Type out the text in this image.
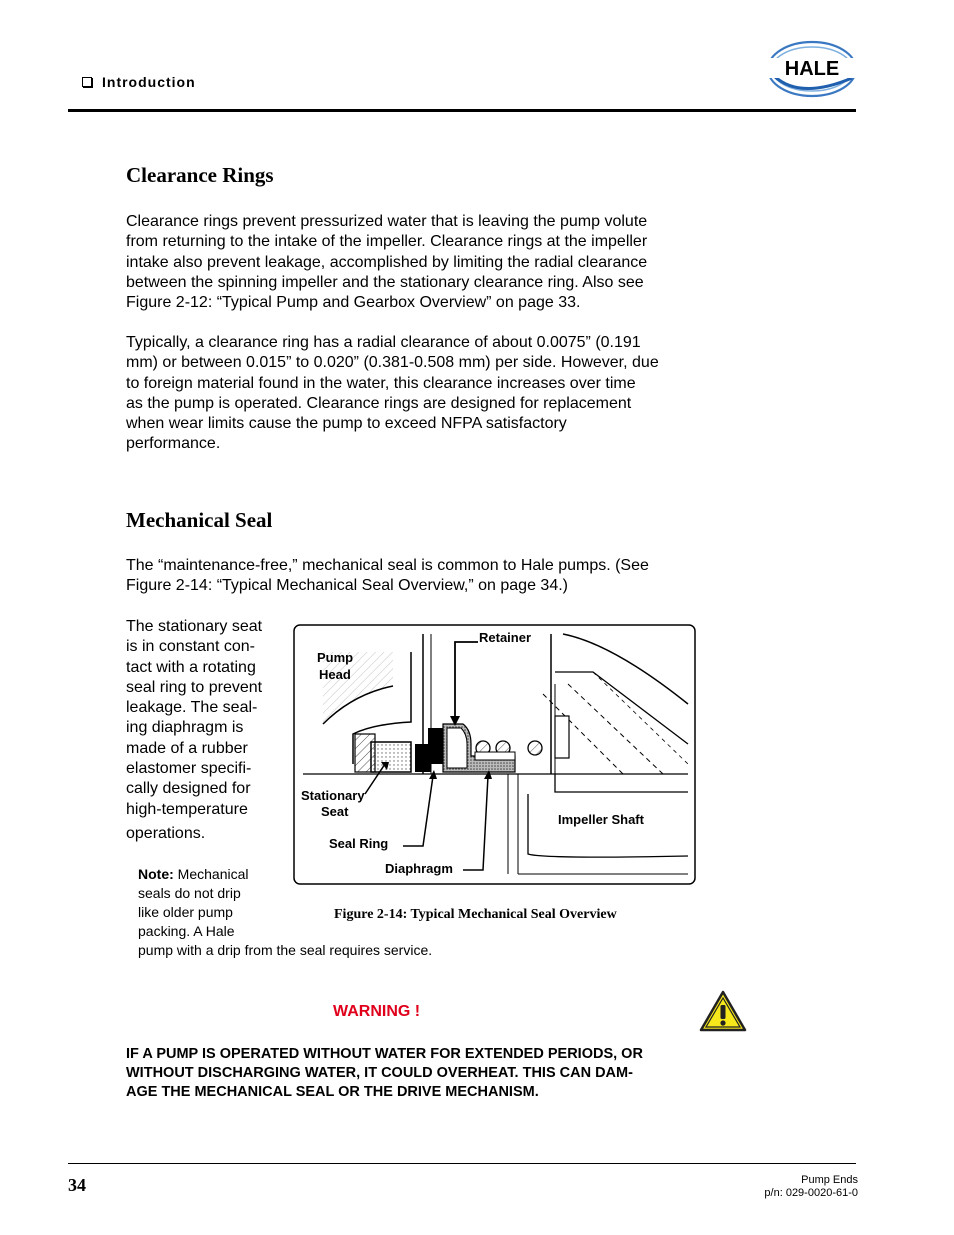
Introduction
HALE
Clearance Rings

Clearance rings prevent pressurized water that is leaving the pump volute

from returning to the intake of the impeller. Clearance rings at the impeller

intake also prevent leakage, accomplished by limiting the radial clearance

between the spinning impeller and the stationary clearance ring. Also see

Figure 2-12: “Typical Pump and Gearbox Overview” on page 33.

Typically, a clearance ring has a radial clearance of about 0.0075” (0.191

mm) or between 0.015” to 0.020” (0.381-0.508 mm) per side. However, due

to foreign material found in the water, this clearance increases over time

as the pump is operated. Clearance rings are designed for replacement

when wear limits cause the pump to exceed NFPA satisfactory

performance.

Mechanical Seal

The “maintenance-free,” mechanical seal is common to Hale pumps. (See

Figure 2-14: “Typical Mechanical Seal Overview,” on page 34.)

The stationary seat

is in constant con-

tact with a rotating

seal ring to prevent

leakage. The seal-

ing diaphragm is

made of a rubber

elastomer specifi-

cally designed for

high-temperature

operations.

Note: Mechanical
seals do not drip
like older pump
packing. A Hale
pump with a drip from the seal requires service.
Retainer
Pump
Head
Stationary
Seat
Seal Ring
Impeller Shaft
Diaphragm
Figure 2-14: Typical Mechanical Seal Overview
WARNING !
IF A PUMP IS OPERATED WITHOUT WATER FOR EXTENDED PERIODS, OR
WITHOUT DISCHARGING WATER, IT COULD OVERHEAT. THIS CAN DAM-
AGE THE MECHANICAL SEAL OR THE DRIVE MECHANISM.
34	Pump Ends
p/n: 029-0020-61-0
